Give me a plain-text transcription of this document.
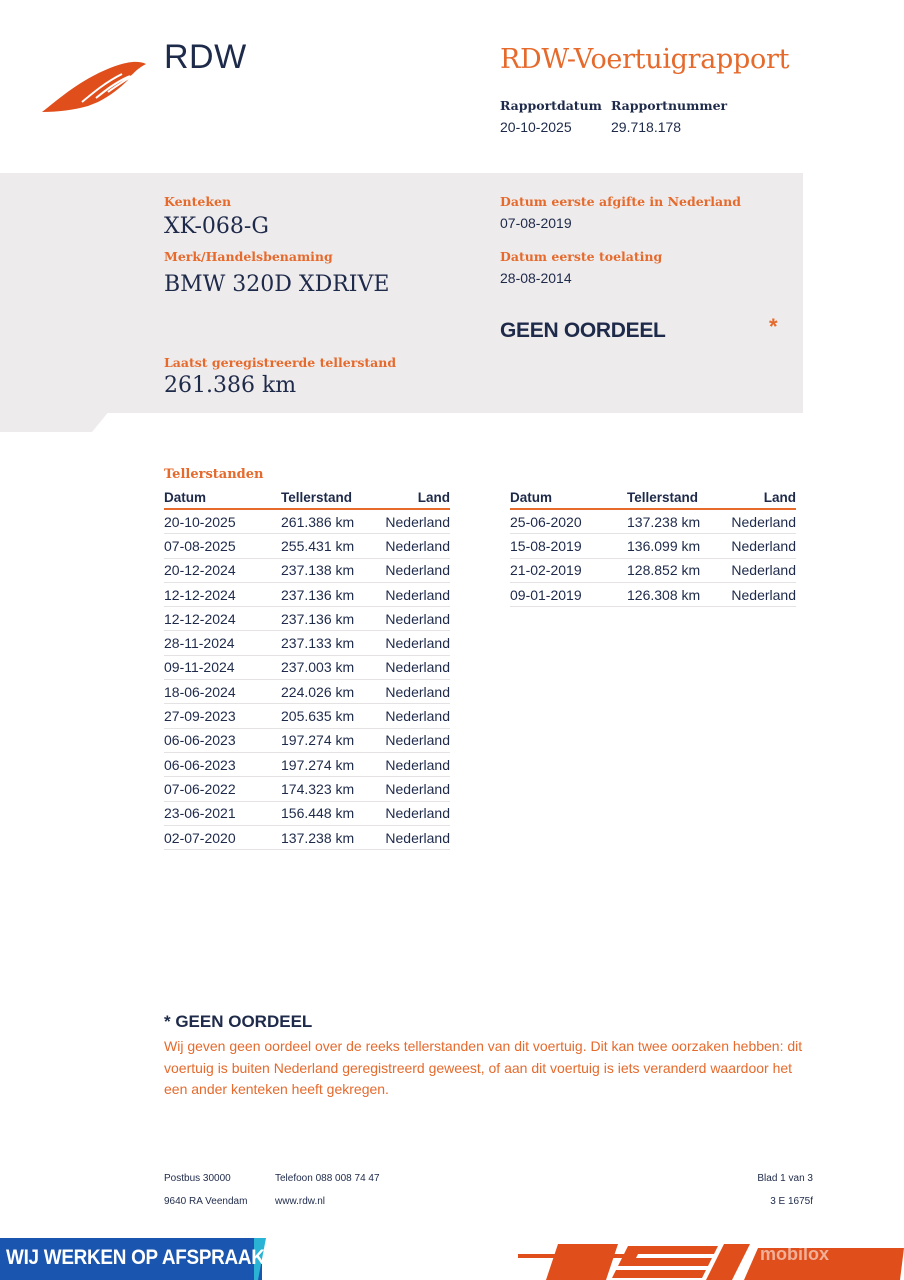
RDW	RDW-Voertuigrapport
Rapportdatum
20-10-2025
Rapportnummer
29.718.178
Kenteken
XK-068-G
Merk/Handelsbenaming
BMW 320D XDRIVE
Laatst geregistreerde tellerstand
261.386 km
Datum eerste afgifte in Nederland
07-08-2019
Datum eerste toelating
28-08-2014
GEEN OORDEEL	*
Tellerstanden
Datum	Tellerstand	Land
20-10-2025	261.386 km	Nederland
07-08-2025	255.431 km	Nederland
20-12-2024	237.138 km	Nederland
12-12-2024	237.136 km	Nederland
12-12-2024	237.136 km	Nederland
28-11-2024	237.133 km	Nederland
09-11-2024	237.003 km	Nederland
18-06-2024	224.026 km	Nederland
27-09-2023	205.635 km	Nederland
06-06-2023	197.274 km	Nederland
06-06-2023	197.274 km	Nederland
07-06-2022	174.323 km	Nederland
23-06-2021	156.448 km	Nederland
02-07-2020	137.238 km	Nederland
Datum	Tellerstand	Land
25-06-2020	137.238 km	Nederland
15-08-2019	136.099 km	Nederland
21-02-2019	128.852 km	Nederland
09-01-2019	126.308 km	Nederland
* GEEN OORDEEL

Wij geven geen oordeel over de reeks tellerstanden van dit voertuig. Dit kan twee oorzaken hebben: dit voertuig is buiten Nederland geregistreerd geweest, of aan dit voertuig is iets veranderd waardoor het een ander kenteken heeft gekregen.

Postbus 30000
9640 RA Veendam
Telefoon 088 008 74 47
www.rdw.nl
Blad 1 van 3
3 E 1675f
WIJ WERKEN OP AFSPRAAK	mobilox
